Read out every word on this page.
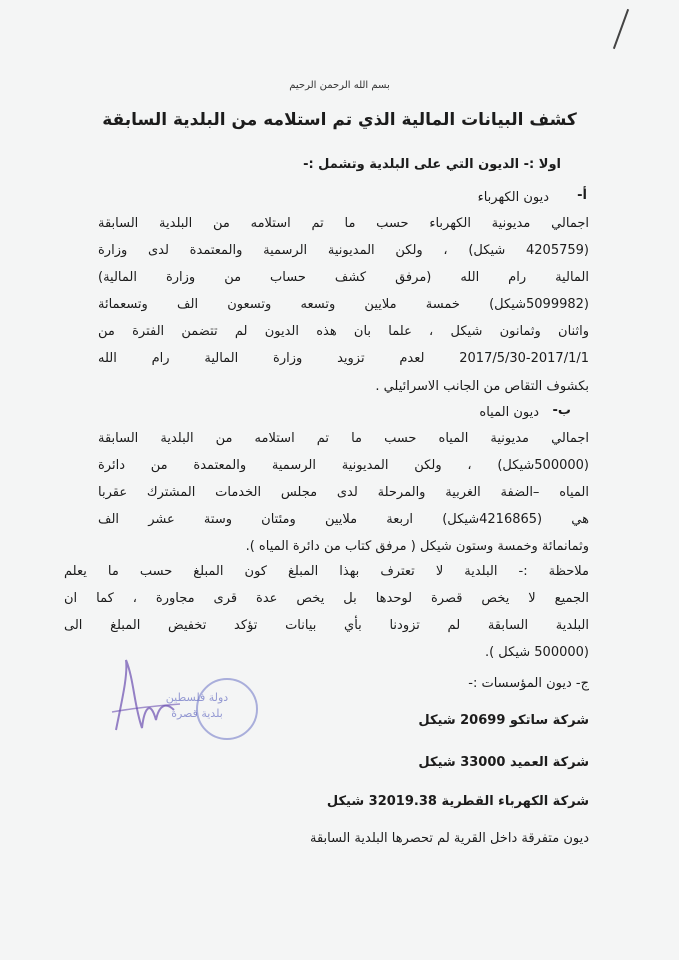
بسم الله الرحمن الرحيم
كشف البيانات المالية الذي تم استلامه من البلدية السابقة
اولا :- الديون التي على البلدية وتشمل :-
أ-
ديون الكهرباء
اجمالي مديونية الكهرباء حسب ما تم استلامه من البلدية السابقة
(4205759 شيكل) ، ولكن المديونية الرسمية والمعتمدة لدى وزارة
المالية رام الله (مرفق كشف حساب من وزارة المالية)
(5099982شيكل) خمسة ملايين وتسعه وتسعون الف وتسعمائة
واثنان وثمانون شيكل ، علما بان هذه الديون لم تتضمن الفترة من
2017/5/30-2017/1/1 لعدم تزويد وزارة المالية رام الله
بكشوف التقاص من الجانب الاسرائيلي .
ب-
ديون المياه
اجمالي مديونية المياه حسب ما تم استلامه من البلدية السابقة
(500000شيكل) ، ولكن المديونية الرسمية والمعتمدة من دائرة
المياه –الضفة الغربية والمرحلة لدى مجلس الخدمات المشترك عقربا
هي (4216865شيكل) اربعة ملايين ومئتان وستة عشر الف
وثمانمائة وخمسة وستون شيكل ( مرفق كتاب من دائرة المياه ).
ملاحظة :- البلدية لا تعترف بهذا المبلغ كون المبلغ حسب ما يعلم
الجميع لا يخص قصرة لوحدها بل يخص عدة قرى مجاورة ، كما ان
البلدية السابقة لم تزودنا بأي بيانات تؤكد تخفيض المبلغ الى
(500000 شيكل ).
ج- ديون المؤسسات :-
شركة ساتكو 20699 شيكل
شركة العميد 33000 شيكل
شركة الكهرباء القطرية 32019.38 شيكل
ديون متفرقة داخل القرية لم تحصرها البلدية السابقة
دولة فلسطين بلدية قصرة
